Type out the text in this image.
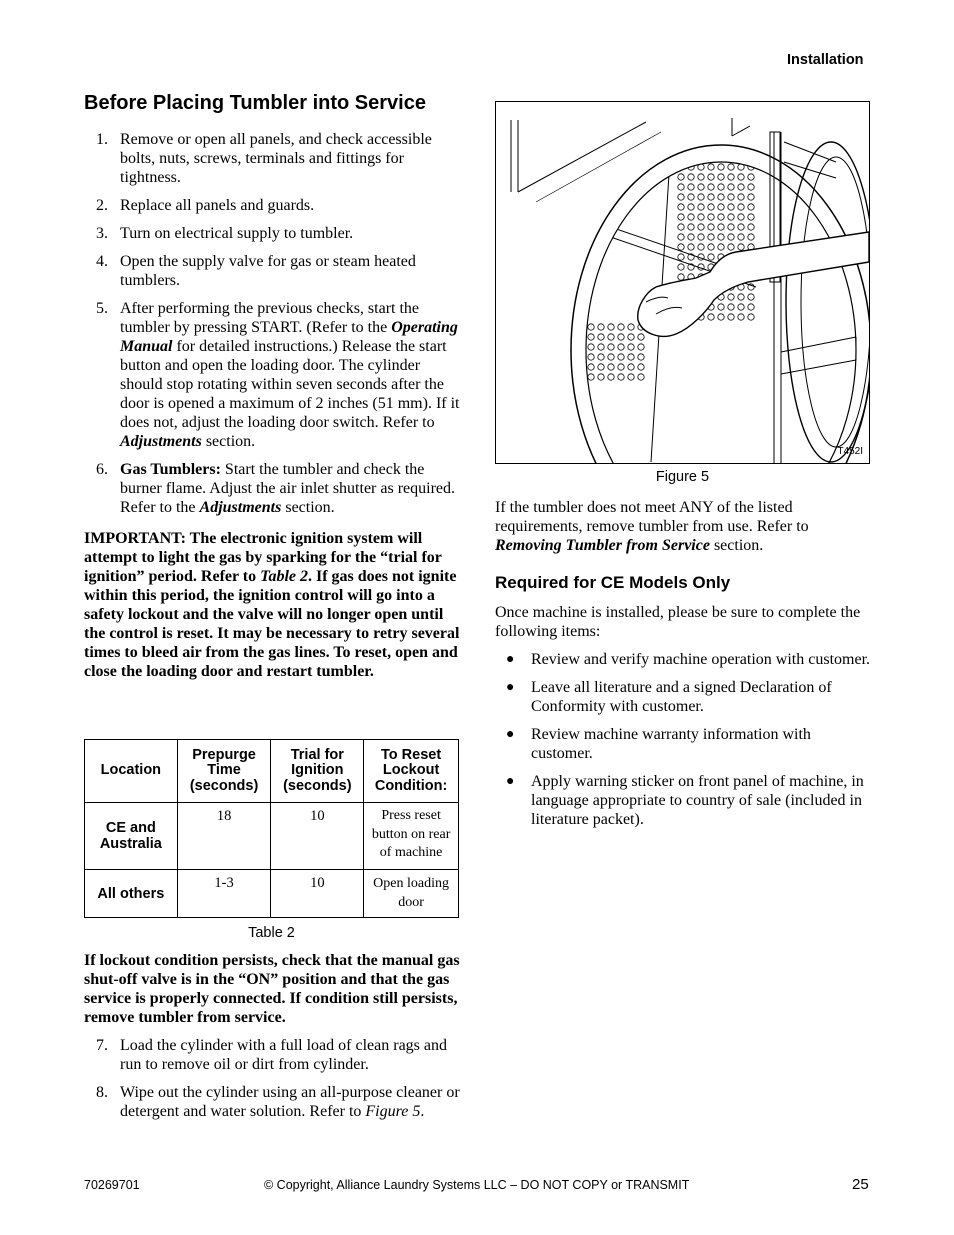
Installation
Before Placing Tumbler into Service
1. Remove or open all panels, and check accessible bolts, nuts, screws, terminals and fittings for tightness.
2. Replace all panels and guards.
3. Turn on electrical supply to tumbler.
4. Open the supply valve for gas or steam heated tumblers.
5. After performing the previous checks, start the tumbler by pressing START. (Refer to the Operating Manual for detailed instructions.) Release the start button and open the loading door. The cylinder should stop rotating within seven seconds after the door is opened a maximum of 2 inches (51 mm). If it does not, adjust the loading door switch. Refer to Adjustments section.
6. Gas Tumblers: Start the tumbler and check the burner flame. Adjust the air inlet shutter as required. Refer to the Adjustments section.

IMPORTANT: The electronic ignition system will attempt to light the gas by sparking for the “trial for ignition” period. Refer to Table 2. If gas does not ignite within this period, the ignition control will go into a safety lockout and the valve will no longer open until the control is reset. It may be necessary to retry several times to bleed air from the gas lines. To reset, open and close the loading door and restart tumbler.

Location	Prepurge Time (seconds)	Trial for Ignition (seconds)	To Reset Lockout Condition:
CE and Australia	18	10	Press reset button on rear of machine
All others	1-3	10	Open loading door
Table 2
If lockout condition persists, check that the manual gas shut-off valve is in the “ON” position and that the gas service is properly connected. If condition still persists, remove tumbler from service.
7. Load the cylinder with a full load of clean rags and run to remove oil or dirt from cylinder.
8. Wipe out the cylinder using an all-purpose cleaner or detergent and water solution. Refer to Figure 5.
T452I
Figure 5

If the tumbler does not meet ANY of the listed requirements, remove tumbler from use. Refer to Removing Tumbler from Service section.

Required for CE Models Only

Once machine is installed, please be sure to complete the following items:

● Review and verify machine operation with customer.
● Leave all literature and a signed Declaration of Conformity with customer.
● Review machine warranty information with customer.
● Apply warning sticker on front panel of machine, in language appropriate to country of sale (included in literature packet).
70269701	© Copyright, Alliance Laundry Systems LLC – DO NOT COPY or TRANSMIT	25
